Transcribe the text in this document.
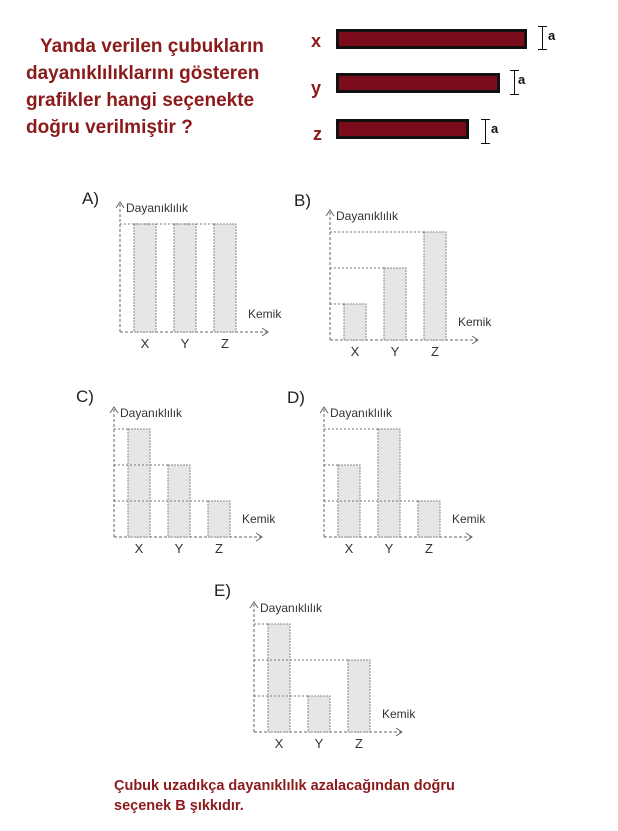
Yanda verilen çubukların
dayanıklılıklarını gösteren
grafikler hangi seçenekte
doğru verilmiştir ?
x	a
y	a
z	a
A)	B)
C)	D)
E)
Dayanıklılık
X Y Z
Kemik
Dayanıklılık
X Y Z
Kemik
Dayanıklılık
X Y Z
Kemik
Dayanıklılık
X Y Z
Kemik
Dayanıklılık
X Y Z
Kemik
Çubuk uzadıkça dayanıklılık azalacağından doğru
seçenek B şıkkıdır.
